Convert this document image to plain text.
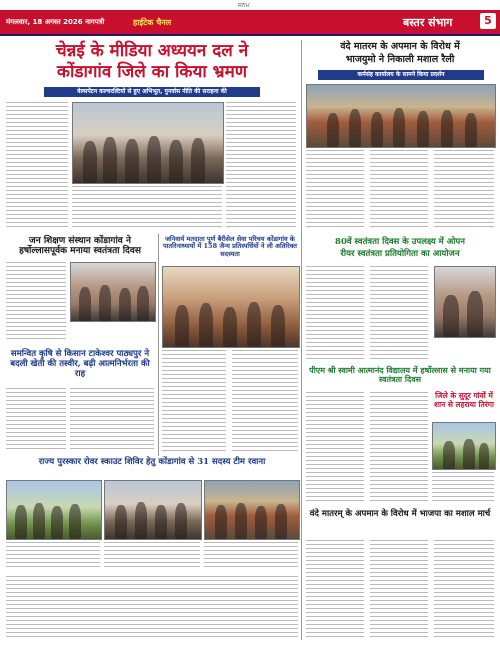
ਜਨਮ
मंगलवार, 18 अगस्त 2026 नागपत्री	हाईटेक चैनल	बस्तर संभाग	5
चेन्नई के मीडिया अध्ययन दल ने
कोंडागांव जिले का किया भ्रमण
वेल्सपेंटन कल्चरल्टियों से हुए अभिभूत, पुनर्वास नीति की सराहना की
वंदे मातरम के अपमान के विरोध में
भाजयुमो ने निकाली मशाल रैली
कर्मसंह कार्यालय के सामने किया प्रदर्शन
जन शिक्षण संस्थान कोंडागांव ने हर्षोल्लासपूर्वक मनाया स्वतंत्रता दिवस
जनिवार्य मतदाता पूर्ण बैरीसेल सेवा परिचय कोंडागांव के पार्तारेनाध्यायों में 158 जैन्य प्रतिस्पर्धियों ने ली अतिरिक्त सदस्यता
80वें स्वतंत्रता दिवस के उपलक्ष्य में ओपन
रीयर स्वतंत्रता प्रतियोगिता का आयोजन
समन्वित कृषि से किसान टाकेश्वर पाठ्यपुर ने बदली खेती की तस्वीर, बढ़ी आत्मनिर्भरता की राह	पीएम श्री स्वामी आत्मानंद विद्यालय में हर्षोल्लास से मनाया गया स्वतंत्रता दिवस
जिले के सुदूर गांवों में शान से लहराया तिरंगा
राज्य पुरस्कार रोवर स्काउट शिविर हेतु कोंडागांव से 31 सदस्य टीम रवाना
वंदे मातरम् के अपमान के विरोध में भाजपा का मशाल मार्च
